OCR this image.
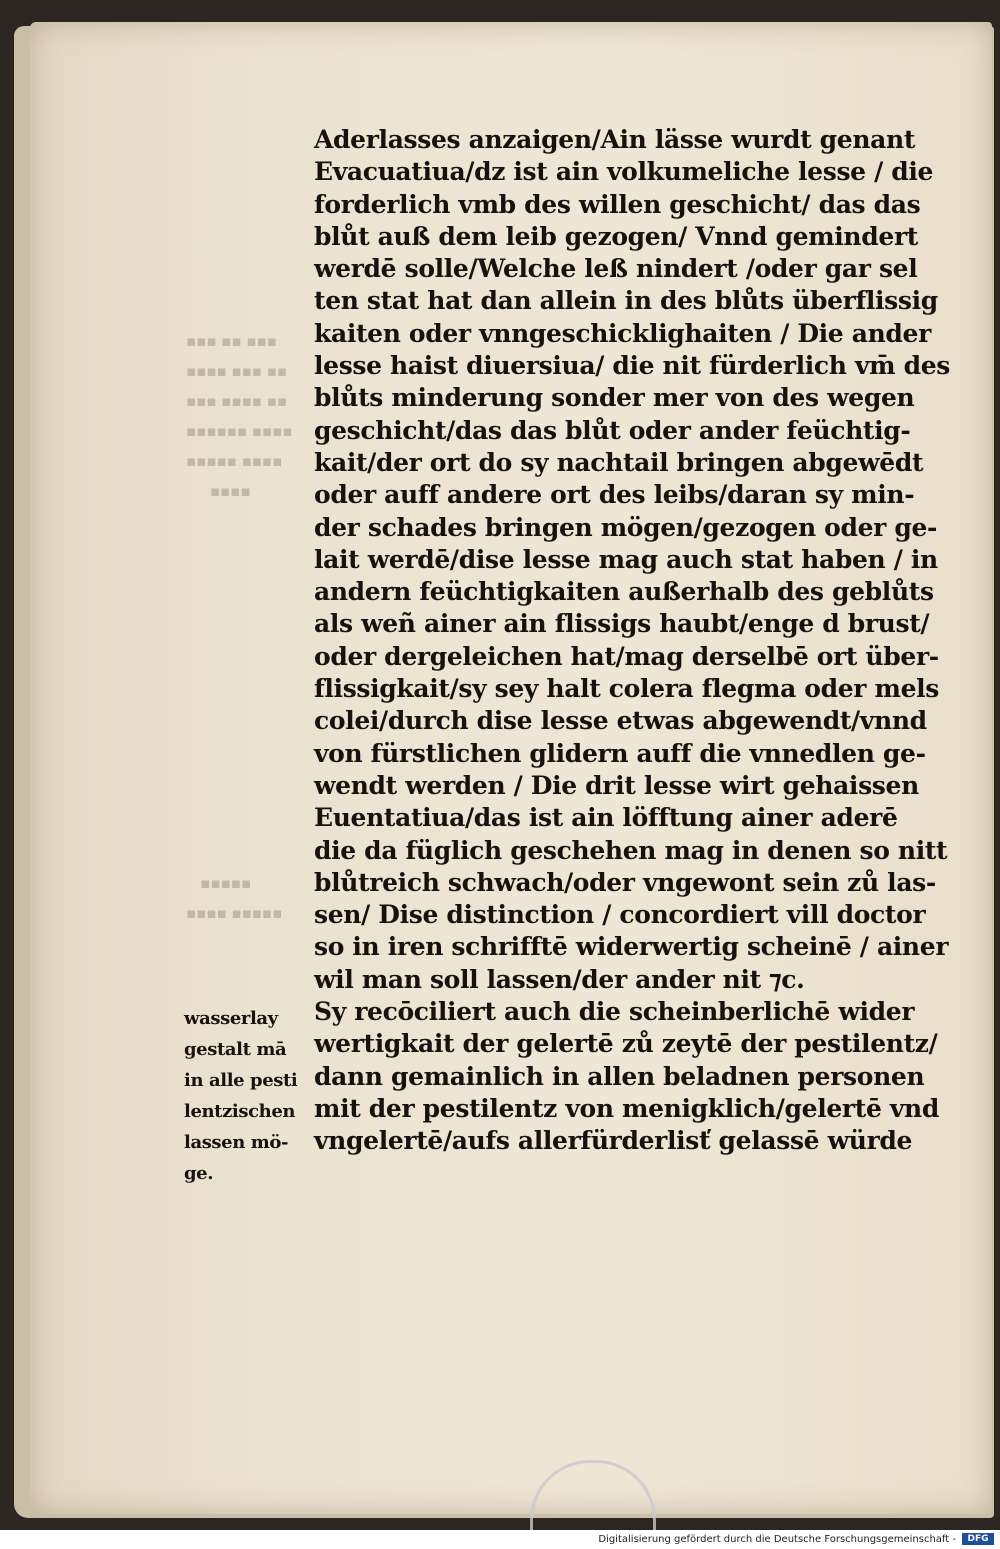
▪▪▪ ▪▪ ▪▪▪
▪▪▪▪ ▪▪▪ ▪▪
▪▪▪ ▪▪▪▪ ▪▪
▪▪▪▪▪▪ ▪▪▪▪
▪▪▪▪▪ ▪▪▪▪
▪▪▪▪
▪▪▪▪▪
▪▪▪▪ ▪▪▪▪▪
Aderlasses anzaigen/Ain lässe wurdt genant
Evacuatiua/dz ist ain volkumeliche lesse / die
forderlich vmb des willen geschicht/ das das
blůt auß dem leib gezogen/ Vnnd gemindert
werdē solle/Welche leß nindert /oder gar sel
ten stat hat dan allein in des blůts überflissig
kaiten oder vnngeschicklighaiten / Die ander
lesse haist diuersiua/ die nit fürderlich vm̄ des
blůts minderung sonder mer von des wegen
geschicht/das das blůt oder ander feüchtig-
kait/der ort do sy nachtail bringen abgewēdt
oder auff andere ort des leibs/daran sy min-
der schades bringen mögen/gezogen oder ge-
lait werdē/dise lesse mag auch stat haben / in
andern feüchtigkaiten außerhalb des geblůts
als weñ ainer ain flissigs haubt/enge d brust/
oder dergeleichen hat/mag derselbē ort über-
flissigkait/sy sey halt colera flegma oder mels
colei/durch dise lesse etwas abgewendt/vnnd
von fürstlichen glidern auff die vnnedlen ge-
wendt werden / Die drit lesse wirt gehaissen
Euentatiua/das ist ain löfftung ainer aderē
die da füglich geschehen mag in denen so nitt
blůtreich schwach/oder vngewont sein zů las-
sen/ Dise distinction / concordiert vill doctor
so in iren schrifftē widerwertig scheinē / ainer
wil man soll lassen/der ander nit ⁊c.
Sy recōciliert auch die scheinberlichē wider
wertigkait der gelertē zů zeytē der pestilentz/
dann gemainlich in allen beladnen personen
mit der pestilentz von menigklich/gelertē vnd
vngelertē/aufs allerfürderlisť gelassē würde
wasserlay
gestalt mā
in alle pesti
lentzischen
lassen mö-
ge.
Digitalisierung gefördert durch die Deutsche Forschungsgemeinschaft -	DFG
